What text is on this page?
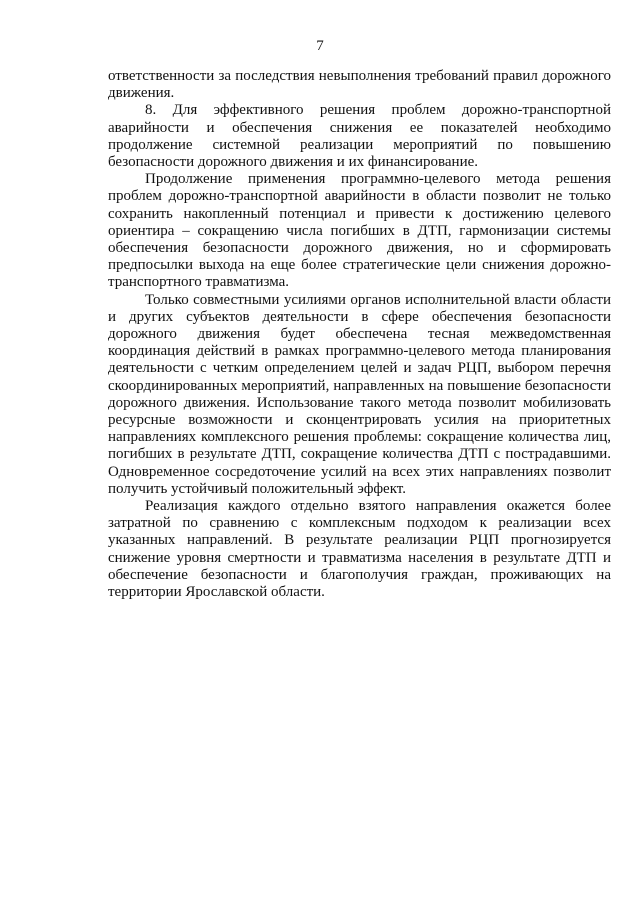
7

ответственности за последствия невыполнения требований правил дорожного движения.

8. Для эффективного решения проблем дорожно-транспортной аварийности и обеспечения снижения ее показателей необходимо продолжение системной реализации мероприятий по повышению безопасности дорожного движения и их финансирование.

Продолжение применения программно-целевого метода решения проблем дорожно-транспортной аварийности в области позволит не только сохранить накопленный потенциал и привести к достижению целевого ориентира – сокращению числа погибших в ДТП, гармонизации системы обеспечения безопасности дорожного движения, но и сформировать предпосылки выхода на еще более стратегические цели снижения дорожно-транспортного травматизма.

Только совместными усилиями органов исполнительной власти области и других субъектов деятельности в сфере обеспечения безопасности дорожного движения будет обеспечена тесная межведомственная координация действий в рамках программно-целевого метода планирования деятельности с четким определением целей и задач РЦП, выбором перечня скоординированных мероприятий, направленных на повышение безопасности дорожного движения. Использование такого метода позволит мобилизовать ресурсные возможности и сконцентрировать усилия на приоритетных направлениях комплексного решения проблемы: сокращение количества лиц, погибших в результате ДТП, сокращение количества ДТП с пострадавшими. Одновременное сосредоточение усилий на всех этих направлениях позволит получить устойчивый положительный эффект.

Реализация каждого отдельно взятого направления окажется более затратной по сравнению с комплексным подходом к реализации всех указанных направлений. В результате реализации РЦП прогнозируется снижение уровня смертности и травматизма населения в результате ДТП и обеспечение безопасности и благополучия граждан, проживающих на территории Ярославской области.
